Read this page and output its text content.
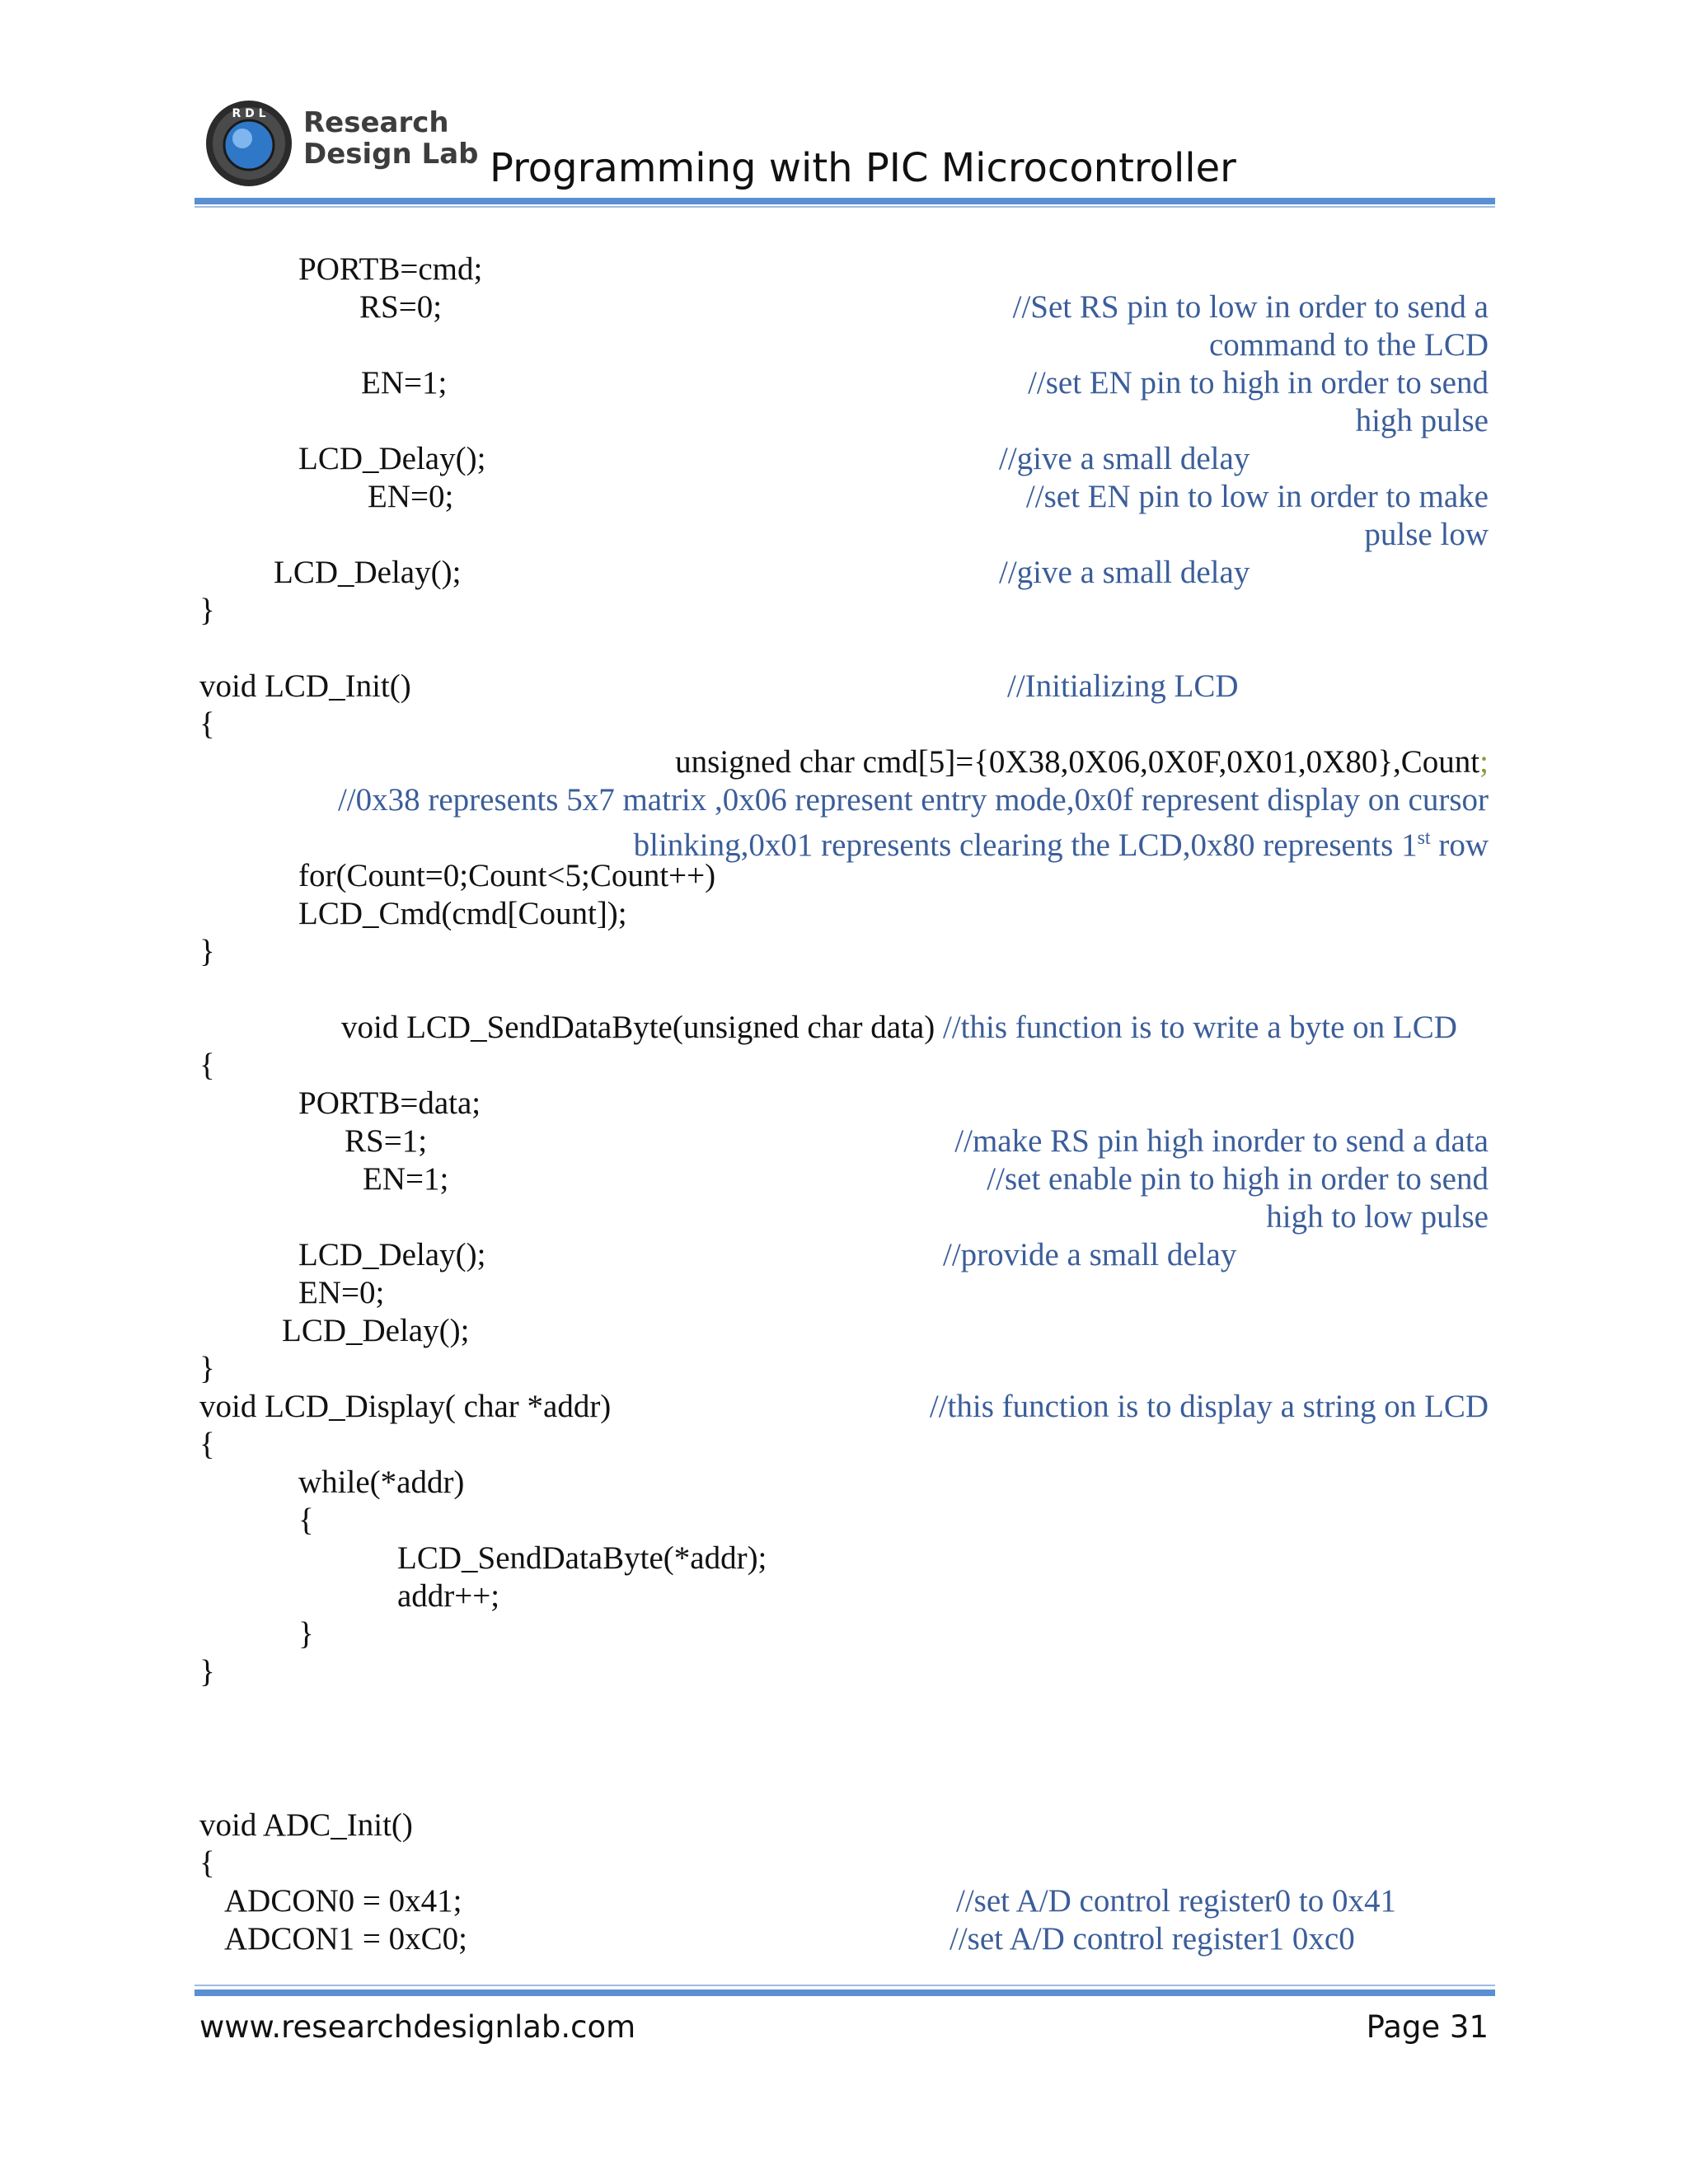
R D L Research
Design Lab Programming with PIC Microcontroller
PORTB=cmd;
RS=0;	//Set RS pin to low in order to send a
command to the LCD
EN=1;	//set EN pin to high in order to send
high pulse
LCD_Delay();	//give a small delay
EN=0;	//set EN pin to low in order to make
pulse low
LCD_Delay();	//give a small delay
}
void LCD_Init()	//Initializing LCD
{
unsigned char cmd[5]={0X38,0X06,0X0F,0X01,0X80},Count;
//0x38 represents 5x7 matrix ,0x06 represent entry mode,0x0f represent display on cursor
blinking,0x01 represents clearing the LCD,0x80 represents 1st row
for(Count=0;Count<5;Count++)
LCD_Cmd(cmd[Count]);
}
void LCD_SendDataByte(unsigned char data) //this function is to write a byte on LCD
{
PORTB=data;
RS=1;	//make RS pin high inorder to send a data
EN=1;	//set enable pin to high in order to send
high to low pulse
LCD_Delay();	//provide a small delay
EN=0;
LCD_Delay();
}
void LCD_Display( char *addr)	//this function is to display a string on LCD
{
while(*addr)
{
LCD_SendDataByte(*addr);
addr++;
}
}
void ADC_Init()
{
ADCON0 = 0x41;	//set A/D control register0 to 0x41
ADCON1 = 0xC0;	//set A/D control register1 0xc0
www.researchdesignlab.com	Page 31
